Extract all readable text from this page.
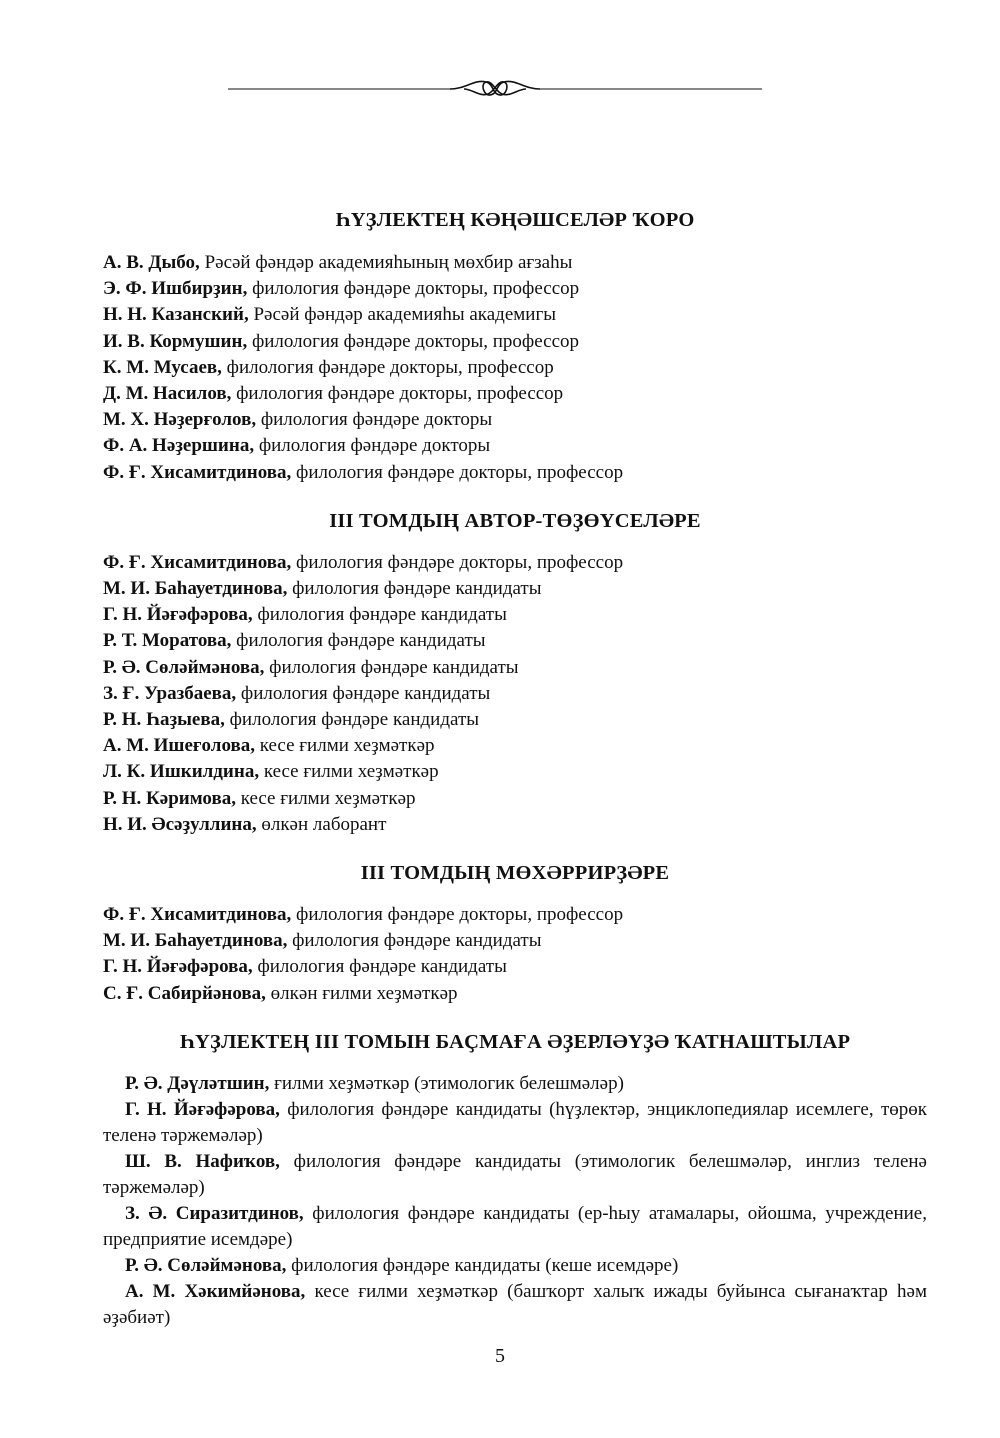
ҺҮҘЛЕКТЕҢ КӘҢӘШСЕЛӘР ҠОРО
А. В. Дыбо, Рәсәй фәндәр академияһының мөхбир ағзаһы
Э. Ф. Ишбирҙин, филология фәндәре докторы, профессор
Н. Н. Казанский, Рәсәй фәндәр академияһы академигы
И. В. Кормушин, филология фәндәре докторы, профессор
К. М. Мусаев, филология фәндәре докторы, профессор
Д. М. Насилов, филология фәндәре докторы, профессор
М. Х. Нәҙерғолов, филология фәндәре докторы
Ф. А. Нәҙершина, филология фәндәре докторы
Ф. Ғ. Хисамитдинова, филология фәндәре докторы, профессор
III ТОМДЫҢ АВТОР-ТӨҘӨҮСЕЛӘРЕ
Ф. Ғ. Хисамитдинова, филология фәндәре докторы, профессор
М. И. Баһауетдинова, филология фәндәре кандидаты
Г. Н. Йәғәфәрова, филология фәндәре кандидаты
Р. Т. Моратова, филология фәндәре кандидаты
Р. Ә. Сөләймәнова, филология фәндәре кандидаты
З. Ғ. Уразбаева, филология фәндәре кандидаты
Р. Н. Һаҙыева, филология фәндәре кандидаты
А. М. Ишеғолова, кесе ғилми хеҙмәткәр
Л. К. Ишкилдина, кесе ғилми хеҙмәткәр
Р. Н. Кәримова, кесе ғилми хеҙмәткәр
Н. И. Әсәҙуллина, өлкән лаборант
III ТОМДЫҢ МӨХӘРРИРҘӘРЕ
Ф. Ғ. Хисамитдинова, филология фәндәре докторы, профессор
М. И. Баһауетдинова, филология фәндәре кандидаты
Г. Н. Йәғәфәрова, филология фәндәре кандидаты
С. Ғ. Сабирйәнова, өлкән ғилми хеҙмәткәр
ҺҮҘЛЕКТЕҢ III ТОМЫН БАҪМАҒА ӘҘЕРЛӘҮҘӘ ҠАТНАШТЫЛАР

Р. Ә. Дәүләтшин, ғилми хеҙмәткәр (этимологик белешмәләр)

Г. Н. Йәғәфәрова, филология фәндәре кандидаты (һүҙлектәр, энциклопедиялар исемлеге, төрөк теленә тәржемәләр)

Ш. В. Нафиҡов, филология фәндәре кандидаты (этимологик белешмәләр, инглиз теленә тәржемәләр)

З. Ә. Сиразитдинов, филология фәндәре кандидаты (ер-һыу атамалары, ойошма, учреждение, предприятие исемдәре)

Р. Ә. Сөләймәнова, филология фәндәре кандидаты (кеше исемдәре)

А. М. Хәкимйәнова, кесе ғилми хеҙмәткәр (башҡорт халыҡ ижады буйынса сығанаҡтар һәм әҙәбиәт)

5
